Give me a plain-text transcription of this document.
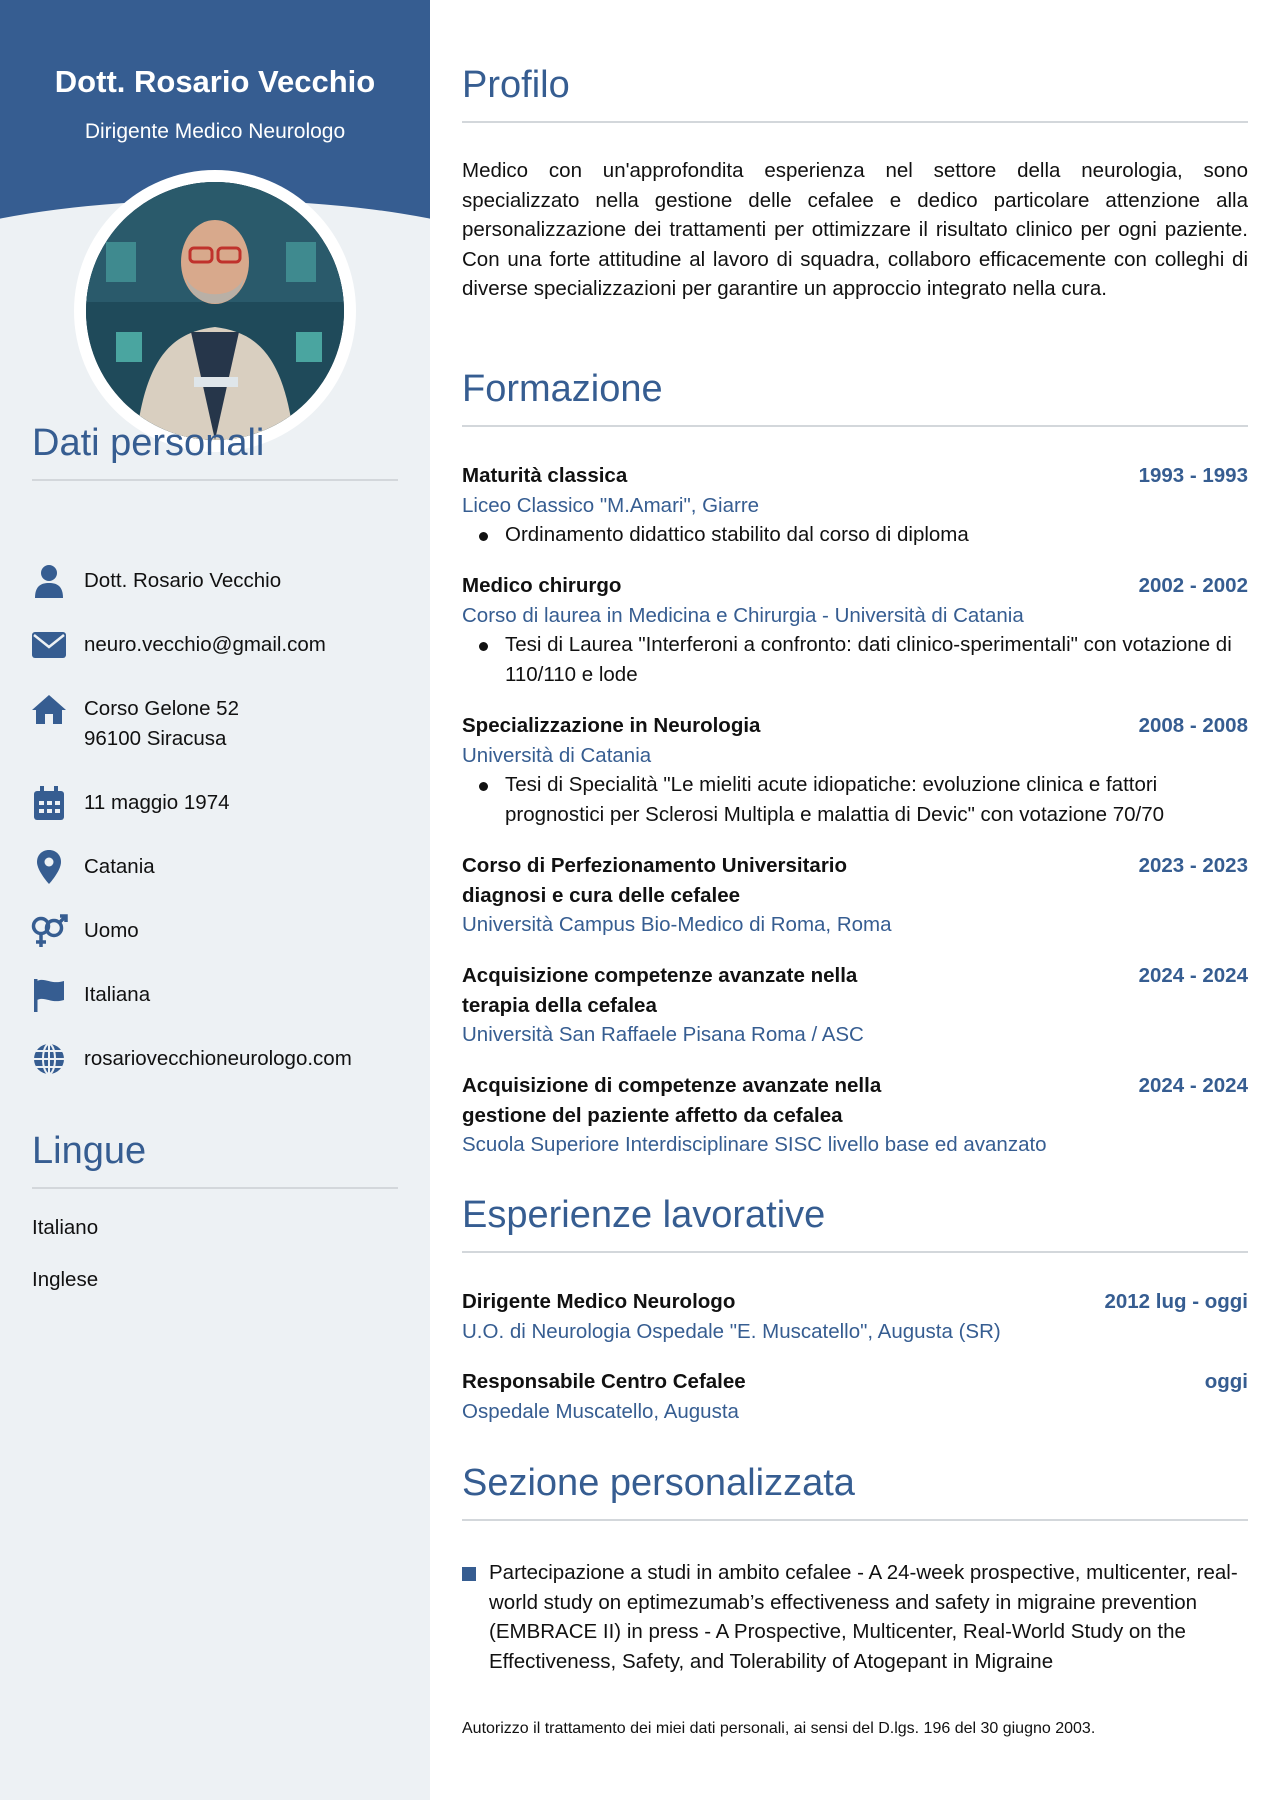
Dott. Rosario Vecchio
Dirigente Medico Neurologo
Dati personali
Dott. Rosario Vecchio
neuro.vecchio@gmail.com
Corso Gelone 52
96100 Siracusa
11 maggio 1974
Catania
Uomo
Italiana
rosariovecchioneurologo.com
Lingue
Italiano
Inglese
Profilo
Medico con un'approfondita esperienza nel settore della neurologia, sono specializzato nella gestione delle cefalee e dedico particolare attenzione alla personalizzazione dei trattamenti per ottimizzare il risultato clinico per ogni paziente. Con una forte attitudine al lavoro di squadra, collaboro efficacemente con colleghi di diverse specializzazioni per garantire un approccio integrato nella cura.
Formazione
Maturità classica	1993 - 1993
Liceo Classico "M.Amari", Giarre
Ordinamento didattico stabilito dal corso di diploma
Medico chirurgo	2002 - 2002
Corso di laurea in Medicina e Chirurgia - Università di Catania
Tesi di Laurea "Interferoni a confronto: dati clinico-sperimentali" con votazione di 110/110 e lode
Specializzazione in Neurologia	2008 - 2008
Università di Catania
Tesi di Specialità "Le mieliti acute idiopatiche: evoluzione clinica e fattori prognostici per Sclerosi Multipla e malattia di Devic" con votazione 70/70
Corso di Perfezionamento Universitario diagnosi e cura delle cefalee
2023 - 2023
Università Campus Bio-Medico di Roma, Roma
Acquisizione competenze avanzate nella terapia della cefalea
2024 - 2024
Università San Raffaele Pisana Roma / ASC
Acquisizione di competenze avanzate nella gestione del paziente affetto da cefalea
2024 - 2024
Scuola Superiore Interdisciplinare SISC livello base ed avanzato
Esperienze lavorative
Dirigente Medico Neurologo	2012 lug - oggi
U.O. di Neurologia Ospedale "E. Muscatello", Augusta (SR)
Responsabile Centro Cefalee	oggi
Ospedale Muscatello, Augusta
Sezione personalizzata
Partecipazione a studi in ambito cefalee - A 24-week prospective, multicenter, real-world study on eptimezumab’s effectiveness and safety in migraine prevention (EMBRACE II) in press - A Prospective, Multicenter, Real-World Study on the Effectiveness, Safety, and Tolerability of Atogepant in Migraine
Autorizzo il trattamento dei miei dati personali, ai sensi del D.lgs. 196 del 30 giugno 2003.
